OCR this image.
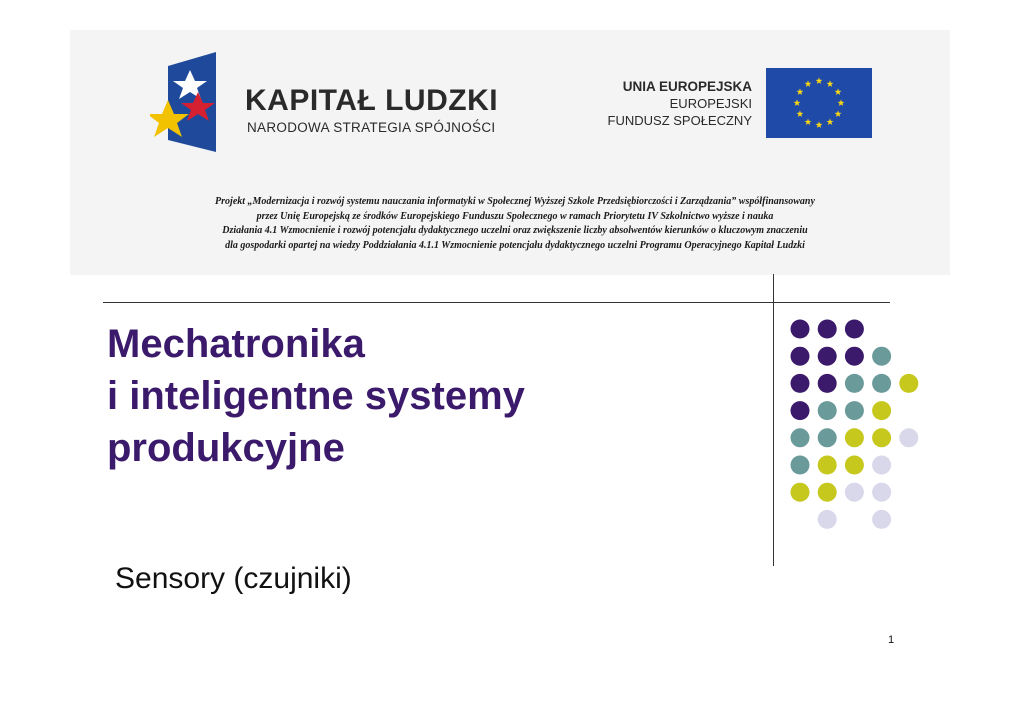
KAPITAŁ LUDZKI
NARODOWA STRATEGIA SPÓJNOŚCI
UNIA EUROPEJSKA
EUROPEJSKI
FUNDUSZ SPOŁECZNY
Projekt „Modernizacja i rozwój systemu nauczania informatyki w Społecznej Wyższej Szkole Przedsiębiorczości i Zarządzania” współfinansowany
przez Unię Europejską ze środków Europejskiego Funduszu Społecznego w ramach Priorytetu IV Szkolnictwo wyższe i nauka
Działania 4.1 Wzmocnienie i rozwój potencjału dydaktycznego uczelni oraz zwiększenie liczby absolwentów kierunków o kluczowym znaczeniu
dla gospodarki opartej na wiedzy Poddziałania 4.1.1 Wzmocnienie potencjału dydaktycznego uczelni Programu Operacyjnego Kapitał Ludzki
Mechatronika
i inteligentne systemy
produkcyjne
Sensory (czujniki)
1
